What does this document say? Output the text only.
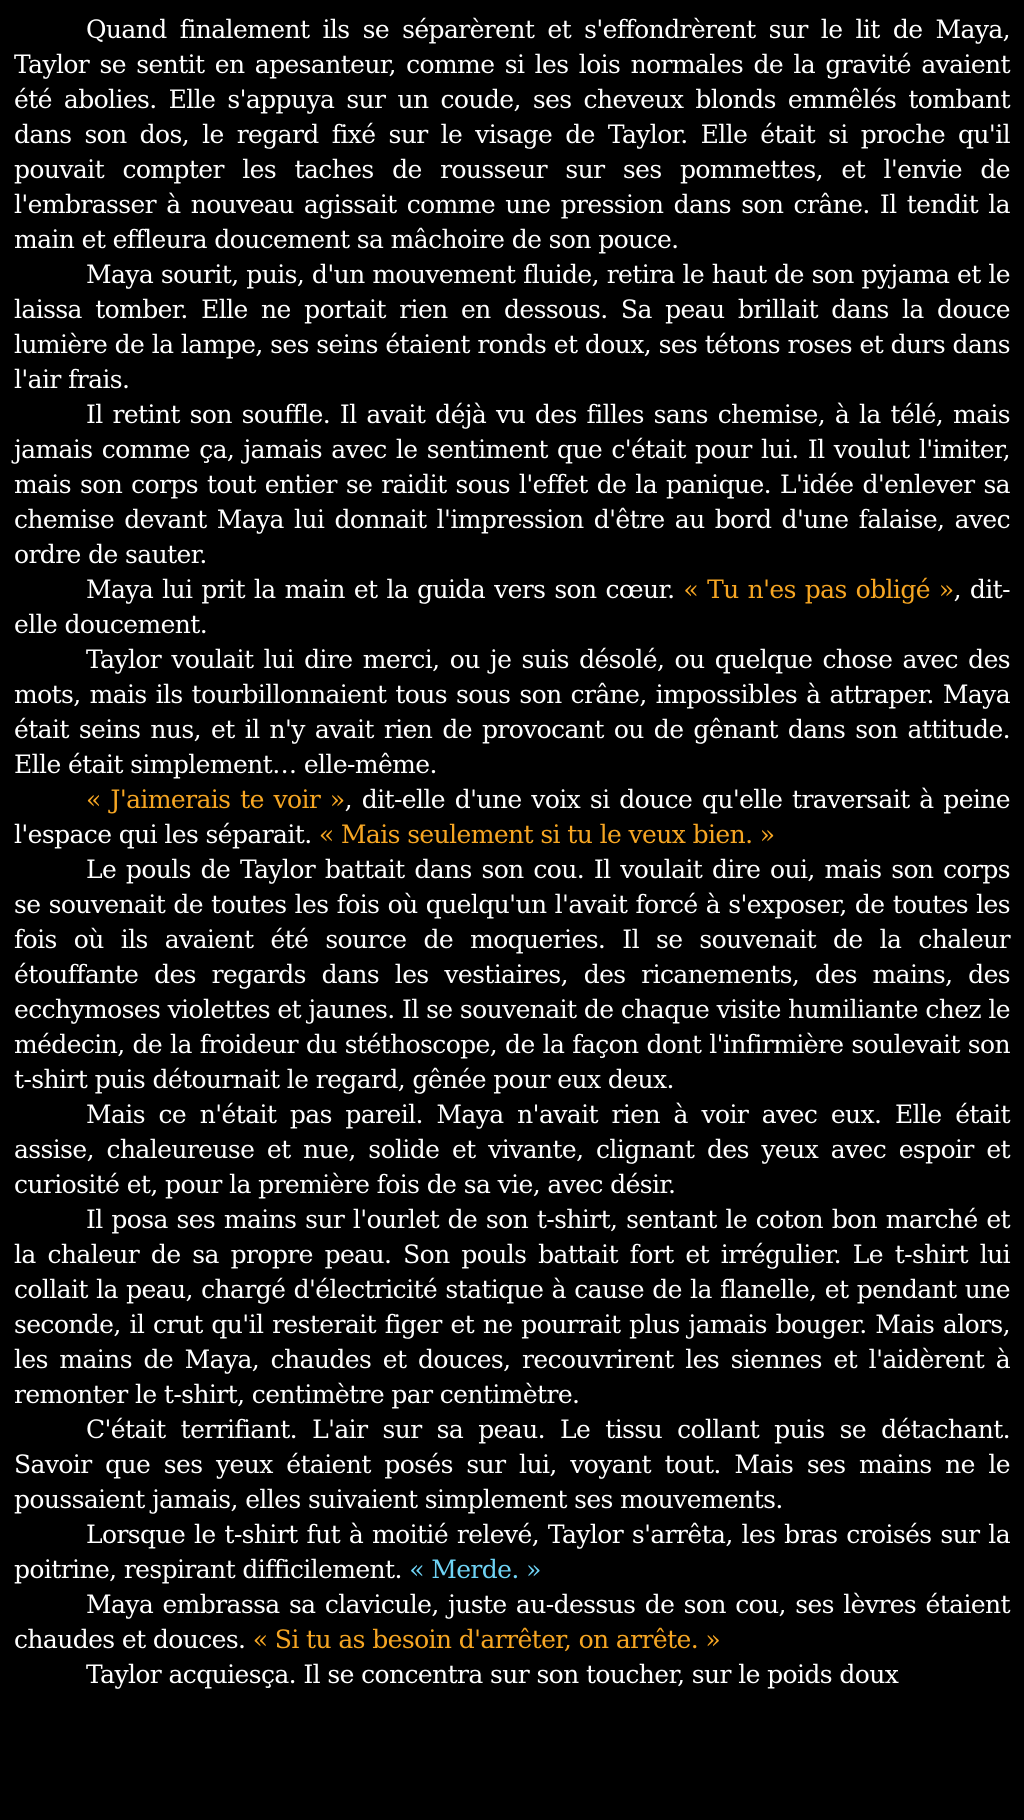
Quand finalement ils se séparèrent et s'effondrèrent sur le lit de Maya, Taylor se sentit en apesanteur, comme si les lois normales de la gravité avaient été abolies. Elle s'appuya sur un coude, ses cheveux blonds emmêlés tombant dans son dos, le regard fixé sur le visage de Taylor. Elle était si proche qu'il pouvait compter les taches de rousseur sur ses pommettes, et l'envie de l'embrasser à nouveau agissait comme une pression dans son crâne. Il tendit la main et effleura doucement sa mâchoire de son pouce.

Maya sourit, puis, d'un mouvement fluide, retira le haut de son pyjama et le laissa tomber. Elle ne portait rien en dessous. Sa peau brillait dans la douce lumière de la lampe, ses seins étaient ronds et doux, ses tétons roses et durs dans l'air frais.

Il retint son souffle. Il avait déjà vu des filles sans chemise, à la télé, mais jamais comme ça, jamais avec le sentiment que c'était pour lui. Il voulut l'imiter, mais son corps tout entier se raidit sous l'effet de la panique. L'idée d'enlever sa chemise devant Maya lui donnait l'impression d'être au bord d'une falaise, avec ordre de sauter.

Maya lui prit la main et la guida vers son cœur. « Tu n'es pas obligé », dit-elle doucement.

Taylor voulait lui dire merci, ou je suis désolé, ou quelque chose avec des mots, mais ils tourbillonnaient tous sous son crâne, impossibles à attraper. Maya était seins nus, et il n'y avait rien de provocant ou de gênant dans son attitude. Elle était simplement… elle-même.

« J'aimerais te voir », dit-elle d'une voix si douce qu'elle traversait à peine l'espace qui les séparait. « Mais seulement si tu le veux bien. »

Le pouls de Taylor battait dans son cou. Il voulait dire oui, mais son corps se souvenait de toutes les fois où quelqu'un l'avait forcé à s'exposer, de toutes les fois où ils avaient été source de moqueries. Il se souvenait de la chaleur étouffante des regards dans les vestiaires, des ricanements, des mains, des ecchymoses violettes et jaunes. Il se souvenait de chaque visite humiliante chez le médecin, de la froideur du stéthoscope, de la façon dont l'infirmière soulevait son t-shirt puis détournait le regard, gênée pour eux deux.

Mais ce n'était pas pareil. Maya n'avait rien à voir avec eux. Elle était assise, chaleureuse et nue, solide et vivante, clignant des yeux avec espoir et curiosité et, pour la première fois de sa vie, avec désir.

Il posa ses mains sur l'ourlet de son t-shirt, sentant le coton bon marché et la chaleur de sa propre peau. Son pouls battait fort et irrégulier. Le t-shirt lui collait la peau, chargé d'électricité statique à cause de la flanelle, et pendant une seconde, il crut qu'il resterait figer et ne pourrait plus jamais bouger. Mais alors, les mains de Maya, chaudes et douces, recouvrirent les siennes et l'aidèrent à remonter le t-shirt, centimètre par centimètre.

C'était terrifiant. L'air sur sa peau. Le tissu collant puis se détachant. Savoir que ses yeux étaient posés sur lui, voyant tout. Mais ses mains ne le poussaient jamais, elles suivaient simplement ses mouvements.

Lorsque le t-shirt fut à moitié relevé, Taylor s'arrêta, les bras croisés sur la poitrine, respirant difficilement. « Merde. »

Maya embrassa sa clavicule, juste au-dessus de son cou, ses lèvres étaient chaudes et douces. « Si tu as besoin d'arrêter, on arrête. »

Taylor acquiesça. Il se concentra sur son toucher, sur le poids doux
